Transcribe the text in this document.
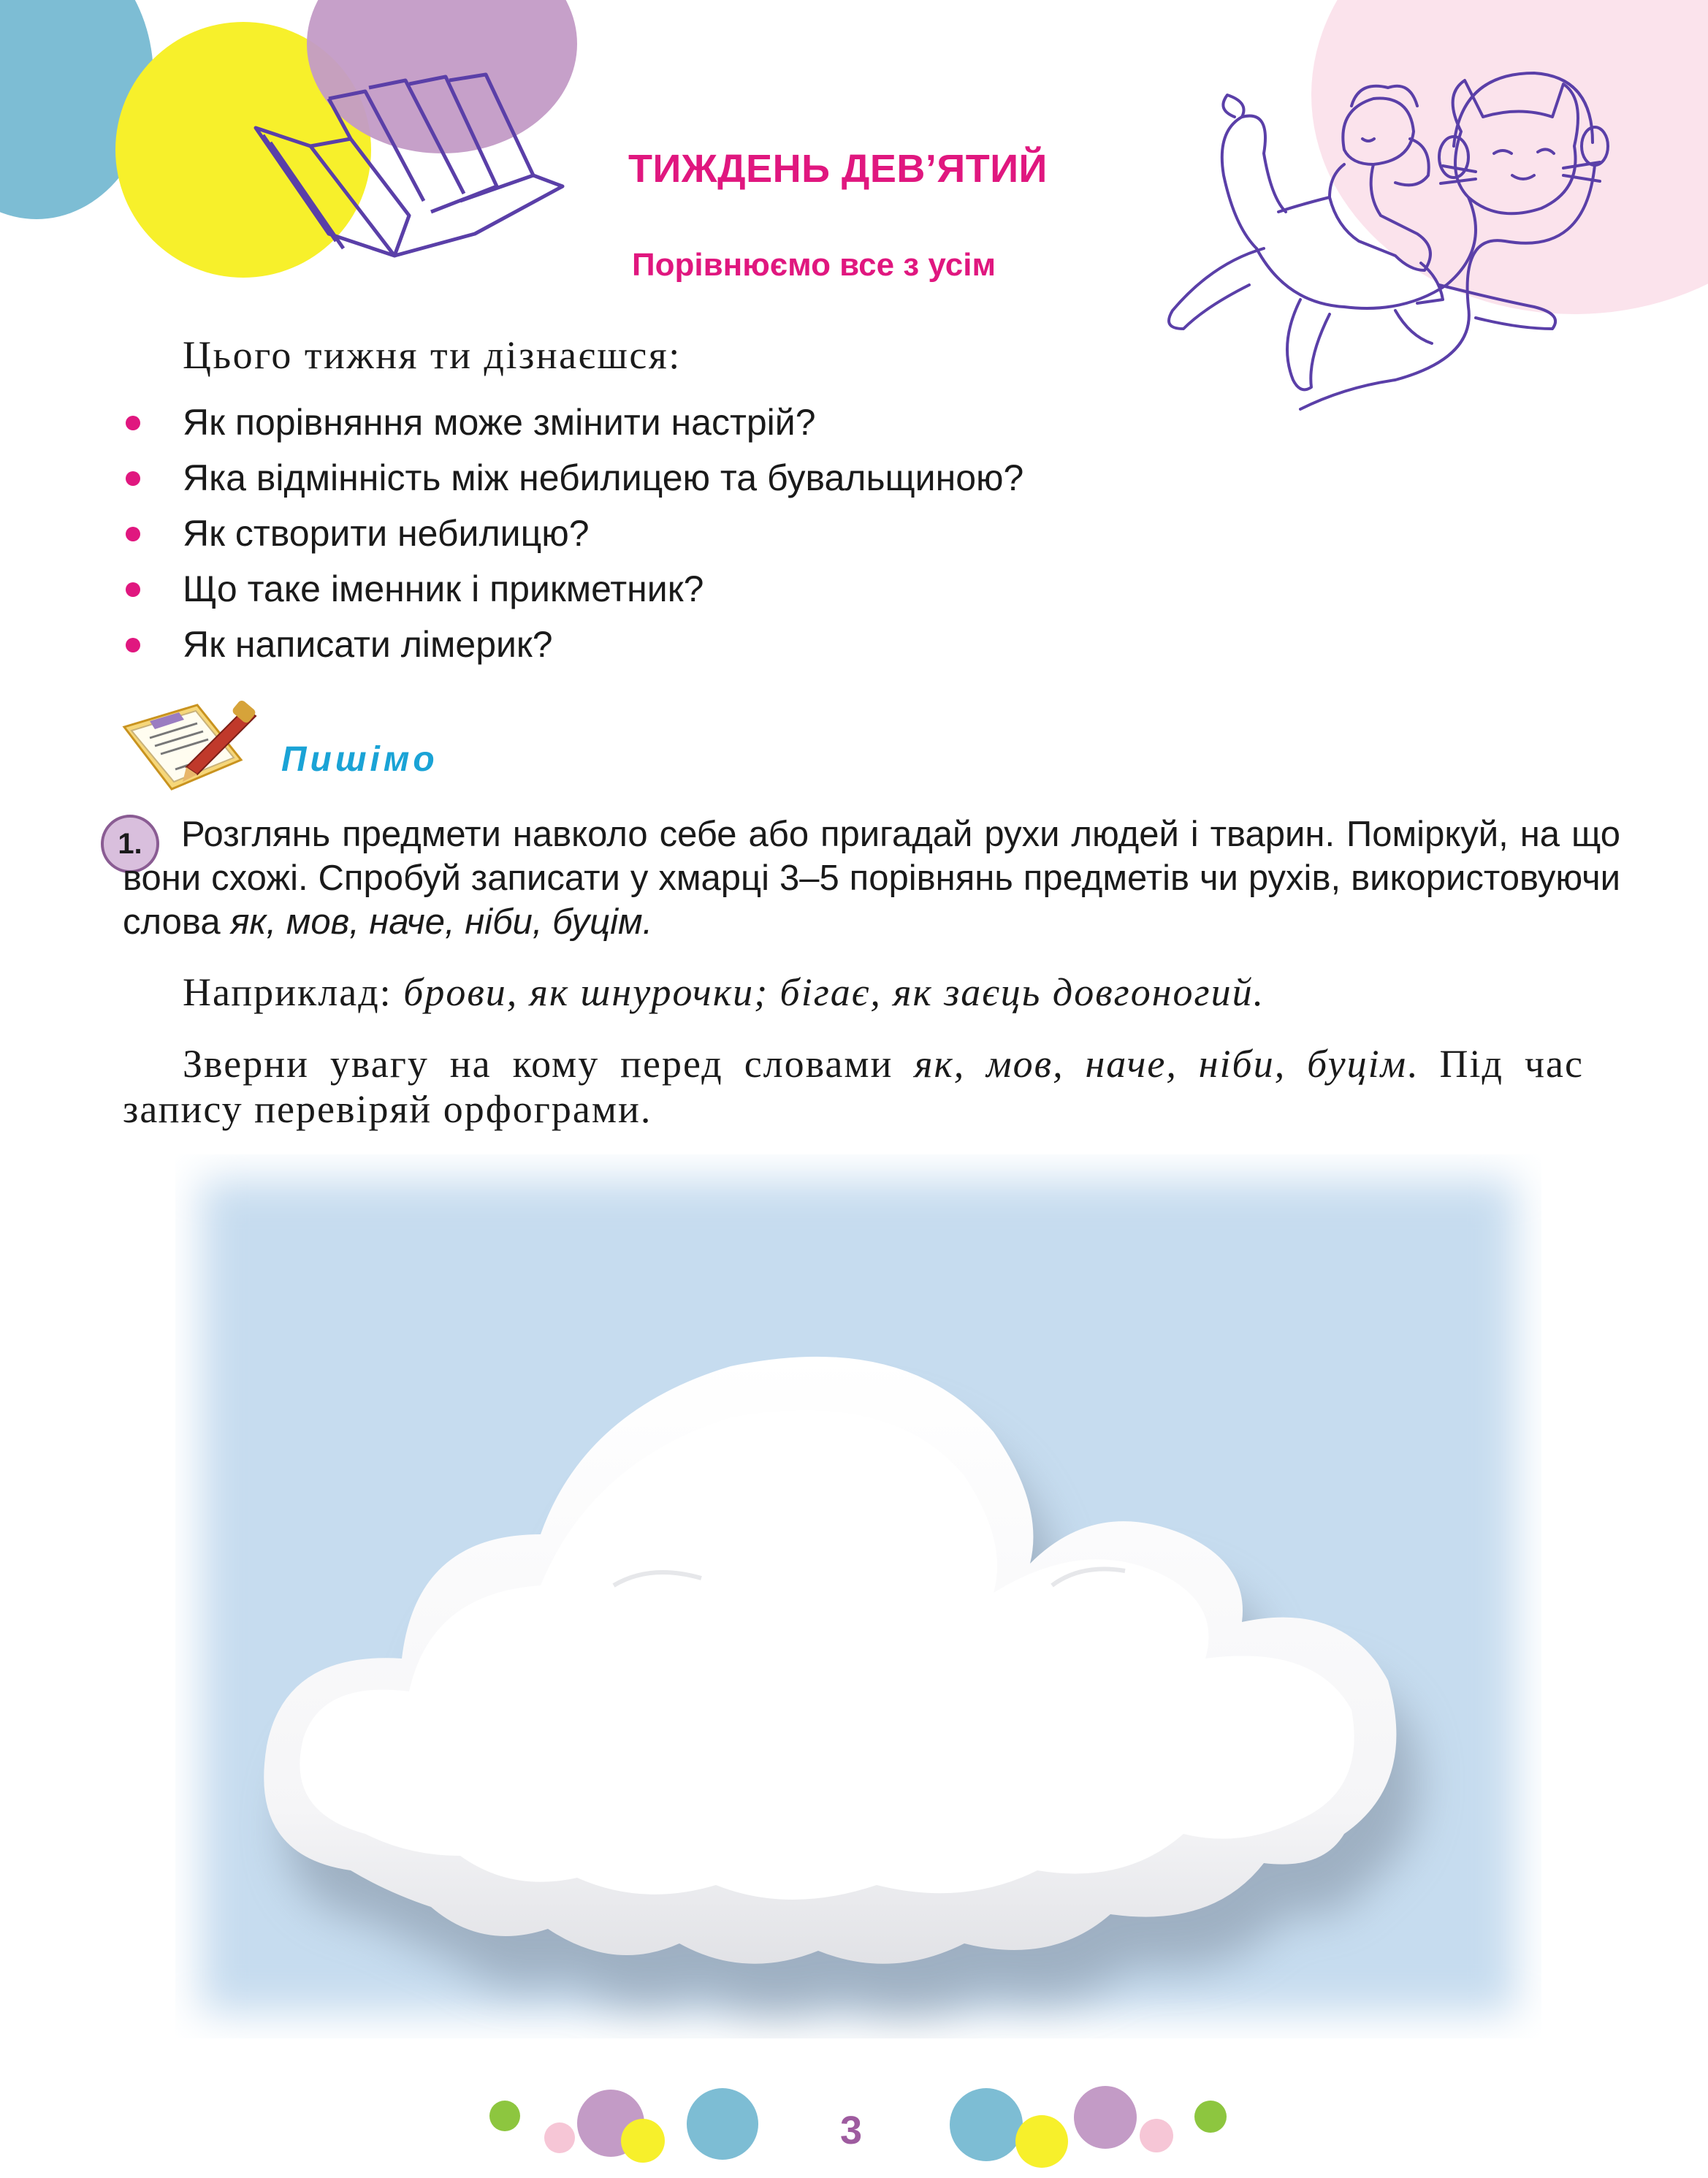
ТИЖДЕНЬ ДЕВ’ЯТИЙ
Порівнюємо все з усім
Цього тижня ти дізнаєшся:
Як порівняння може змінити настрій?
Яка відмінність між небилицею та бувальщиною?
Як створити небилицю?
Що таке іменник і прикметник?
Як написати лімерик?
Пишімо
1.	Розглянь предмети навколо себе або пригадай рухи людей і тварин. Поміркуй, на що вони схожі. Спробуй записати у хмарці 3–5 порівнянь предметів чи рухів, використовуючи слова як, мов, наче, ніби, буцім.
Наприклад: брови, як шнурочки; бігає, як заєць довгоногий.
Зверни увагу на кому перед словами як, мов, наче, ніби, буцім. Під час запису перевіряй орфограми.
3
